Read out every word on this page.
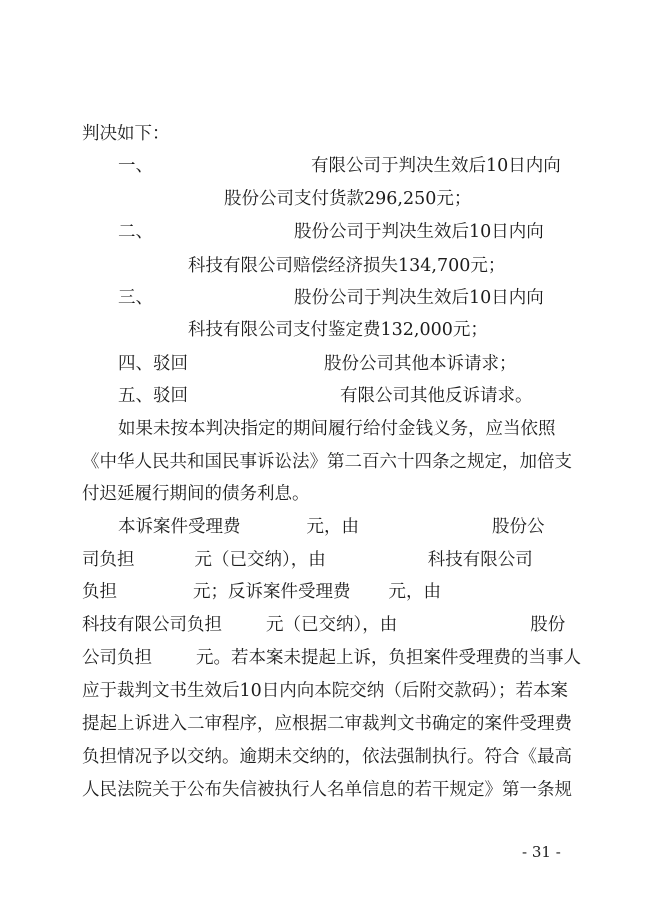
判决如下：
一、	有限公司于判决生效后10日内向
股份公司支付货款296,250元；
二、	股份公司于判决生效后10日内向
科技有限公司赔偿经济损失134,700元；
三、	股份公司于判决生效后10日内向
科技有限公司支付鉴定费132,000元；
四、驳回	股份公司其他本诉请求；
五、驳回	有限公司其他反诉请求。
如果未按本判决指定的期间履行给付金钱义务，应当依照
《中华人民共和国民事诉讼法》第二百六十四条之规定，加倍支
付迟延履行期间的债务利息。
本诉案件受理费	元，由	股份公
司负担	元（已交纳），由	科技有限公司
负担	元；反诉案件受理费 元，由
科技有限公司负担	元（已交纳），由	股份
公司负担	元。若本案未提起上诉，负担案件受理费的当事人
应于裁判文书生效后10日内向本院交纳（后附交款码）；若本案
提起上诉进入二审程序，应根据二审裁判文书确定的案件受理费
负担情况予以交纳。逾期未交纳的，依法强制执行。符合《最高
人民法院关于公布失信被执行人名单信息的若干规定》第一条规
- 31 -
